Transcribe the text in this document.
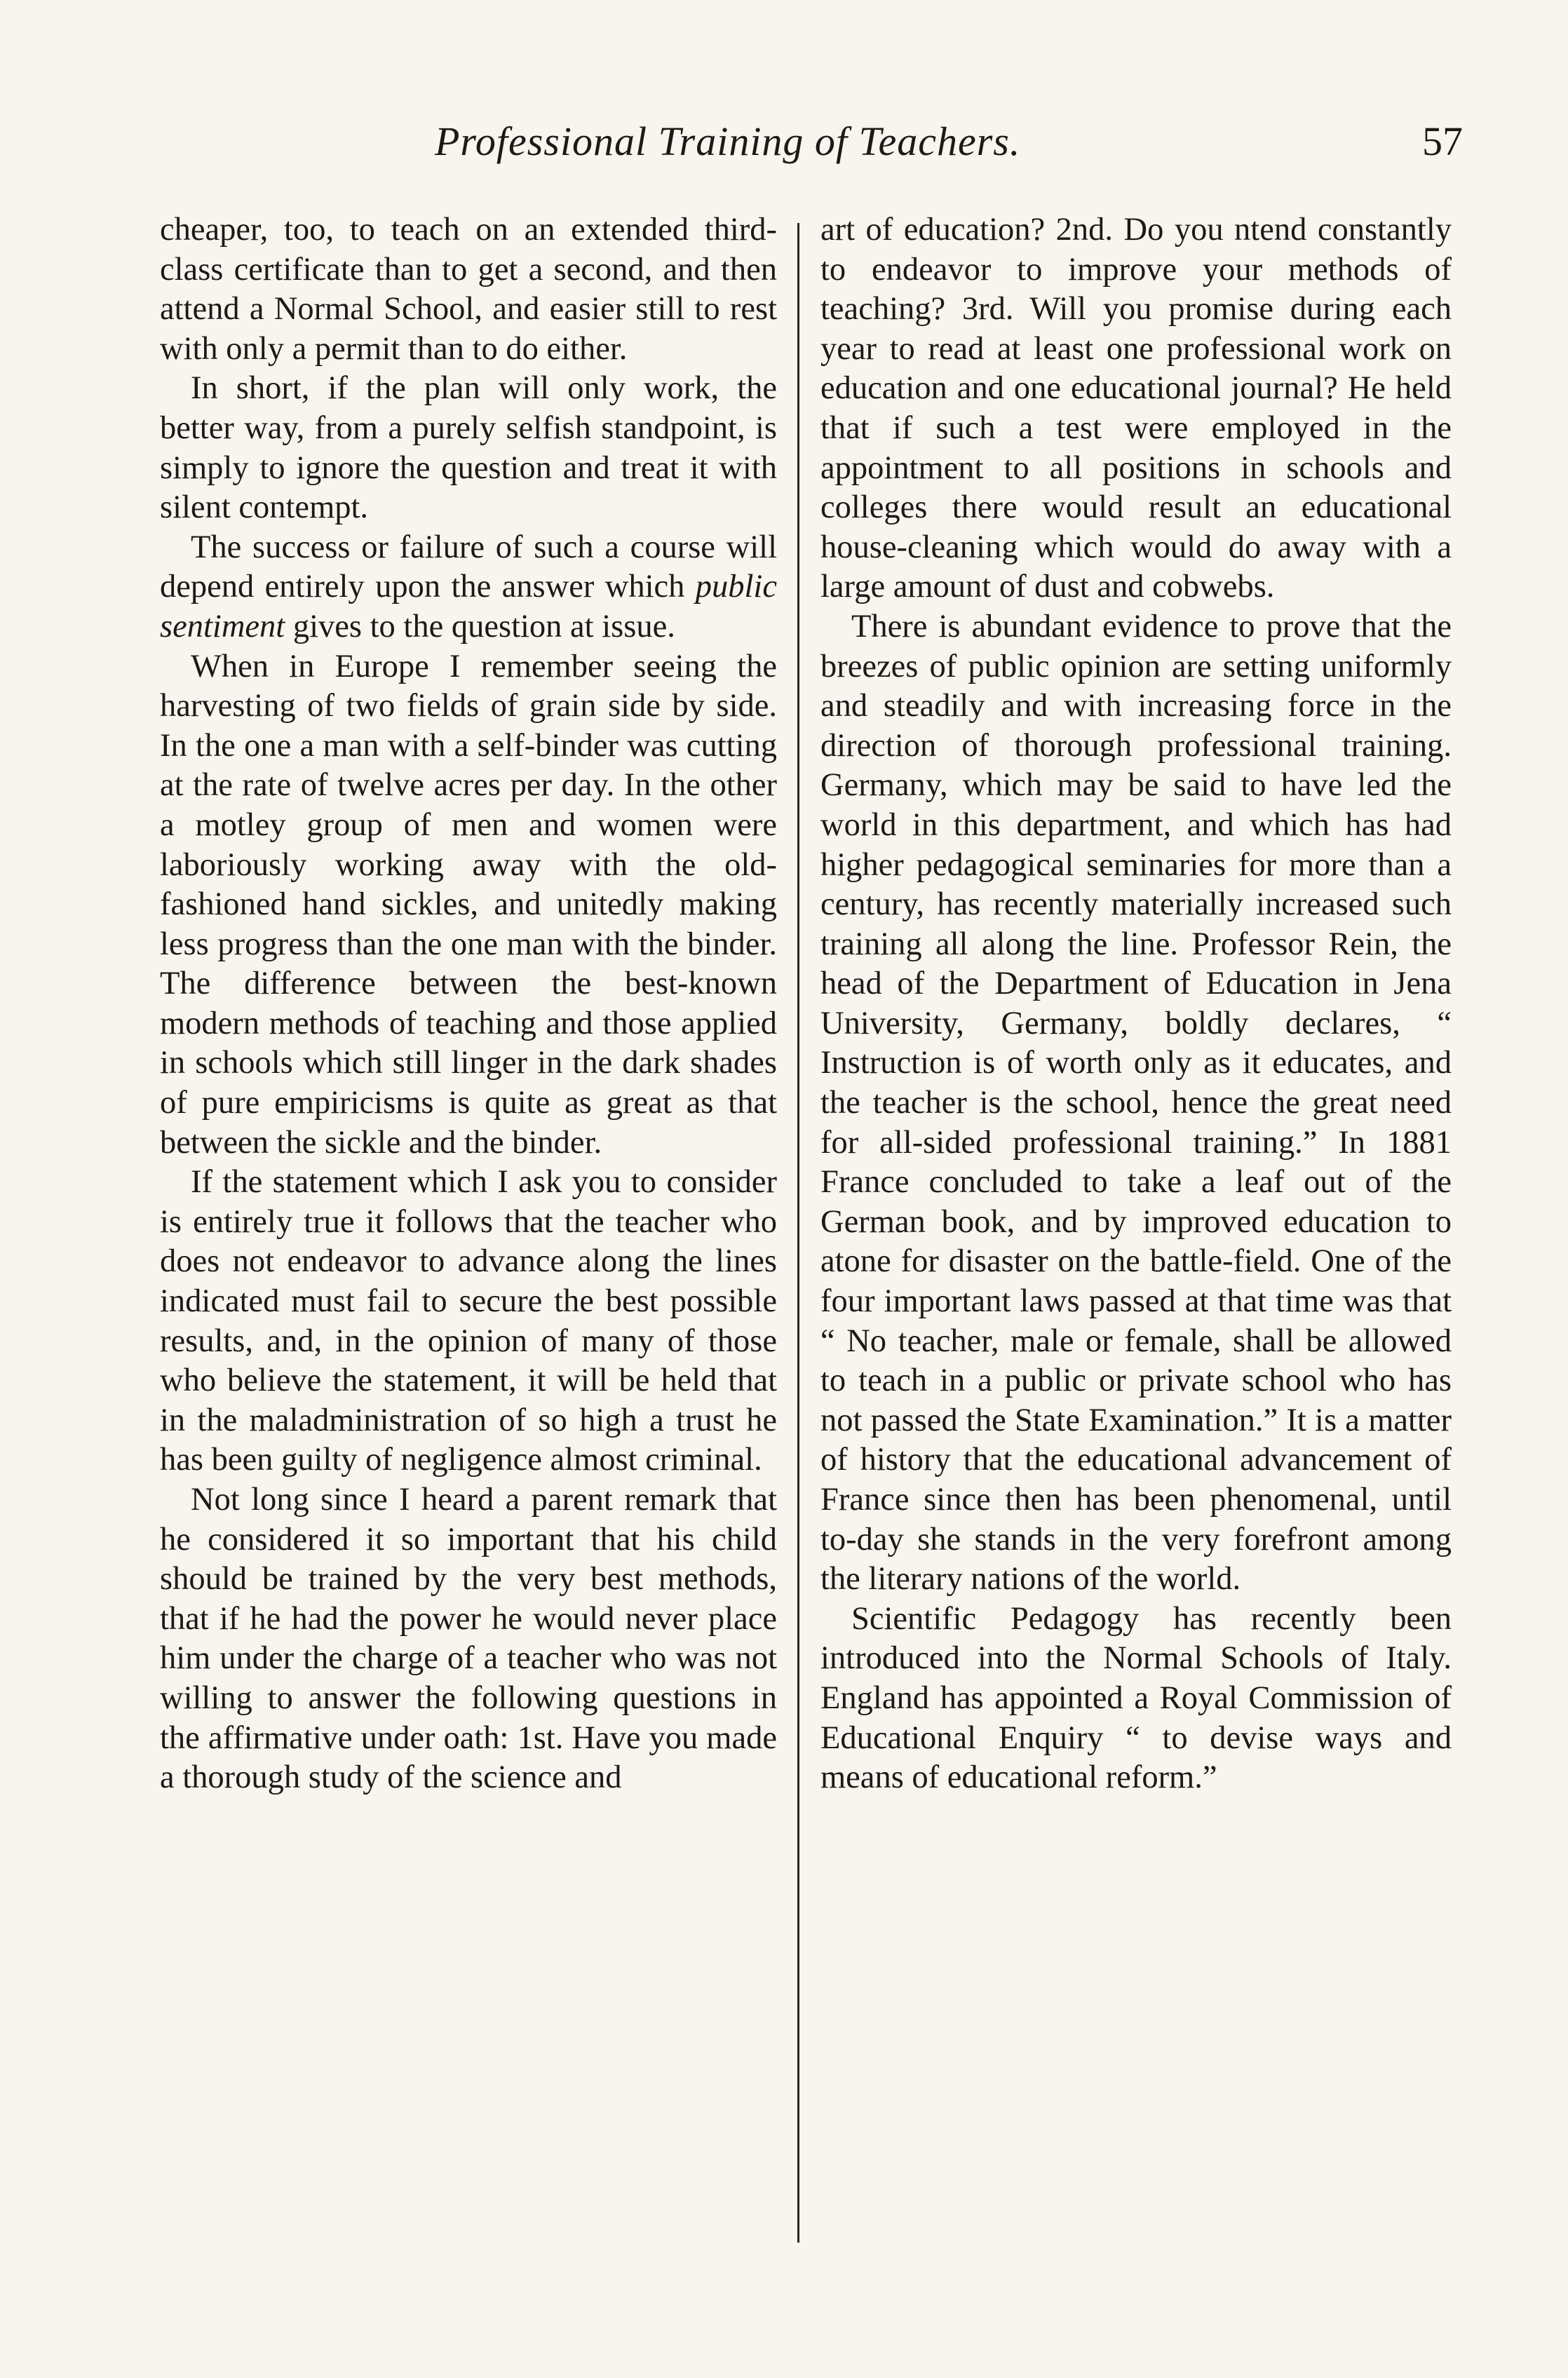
Professional Training of Teachers.	57

cheaper, too, to teach on an extended third-class certificate than to get a second, and then attend a Normal School, and easier still to rest with only a permit than to do either.

In short, if the plan will only work, the better way, from a purely selfish standpoint, is simply to ignore the question and treat it with silent contempt.

The success or failure of such a course will depend entirely upon the answer which public sentiment gives to the question at issue.

When in Europe I remember seeing the harvesting of two fields of grain side by side. In the one a man with a self-binder was cutting at the rate of twelve acres per day. In the other a motley group of men and women were laboriously working away with the old-fashioned hand sickles, and unitedly making less progress than the one man with the binder. The difference between the best-known modern methods of teaching and those applied in schools which still linger in the dark shades of pure empiricisms is quite as great as that between the sickle and the binder.

If the statement which I ask you to consider is entirely true it follows that the teacher who does not endeavor to advance along the lines indicated must fail to secure the best possible results, and, in the opinion of many of those who believe the statement, it will be held that in the maladministration of so high a trust he has been guilty of negligence almost criminal.

Not long since I heard a parent remark that he considered it so important that his child should be trained by the very best methods, that if he had the power he would never place him under the charge of a teacher who was not willing to answer the following questions in the affirmative under oath: 1st. Have you made a thorough study of the science and

art of education? 2nd. Do you ntend constantly to endeavor to improve your methods of teaching? 3rd. Will you promise during each year to read at least one professional work on education and one educational journal? He held that if such a test were employed in the appointment to all positions in schools and colleges there would result an educational house-cleaning which would do away with a large amount of dust and cobwebs.

There is abundant evidence to prove that the breezes of public opinion are setting uniformly and steadily and with increasing force in the direction of thorough professional training. Germany, which may be said to have led the world in this department, and which has had higher pedagogical seminaries for more than a century, has recently materially increased such training all along the line. Professor Rein, the head of the Department of Education in Jena University, Germany, boldly declares, “ Instruction is of worth only as it educates, and the teacher is the school, hence the great need for all-sided professional training.” In 1881 France concluded to take a leaf out of the German book, and by improved education to atone for disaster on the battle-field. One of the four important laws passed at that time was that “ No teacher, male or female, shall be allowed to teach in a public or private school who has not passed the State Examination.” It is a matter of history that the educational advancement of France since then has been phenomenal, until to-day she stands in the very forefront among the literary nations of the world.

Scientific Pedagogy has recently been introduced into the Normal Schools of Italy. England has appointed a Royal Commission of Educational Enquiry “ to devise ways and means of educational reform.”
